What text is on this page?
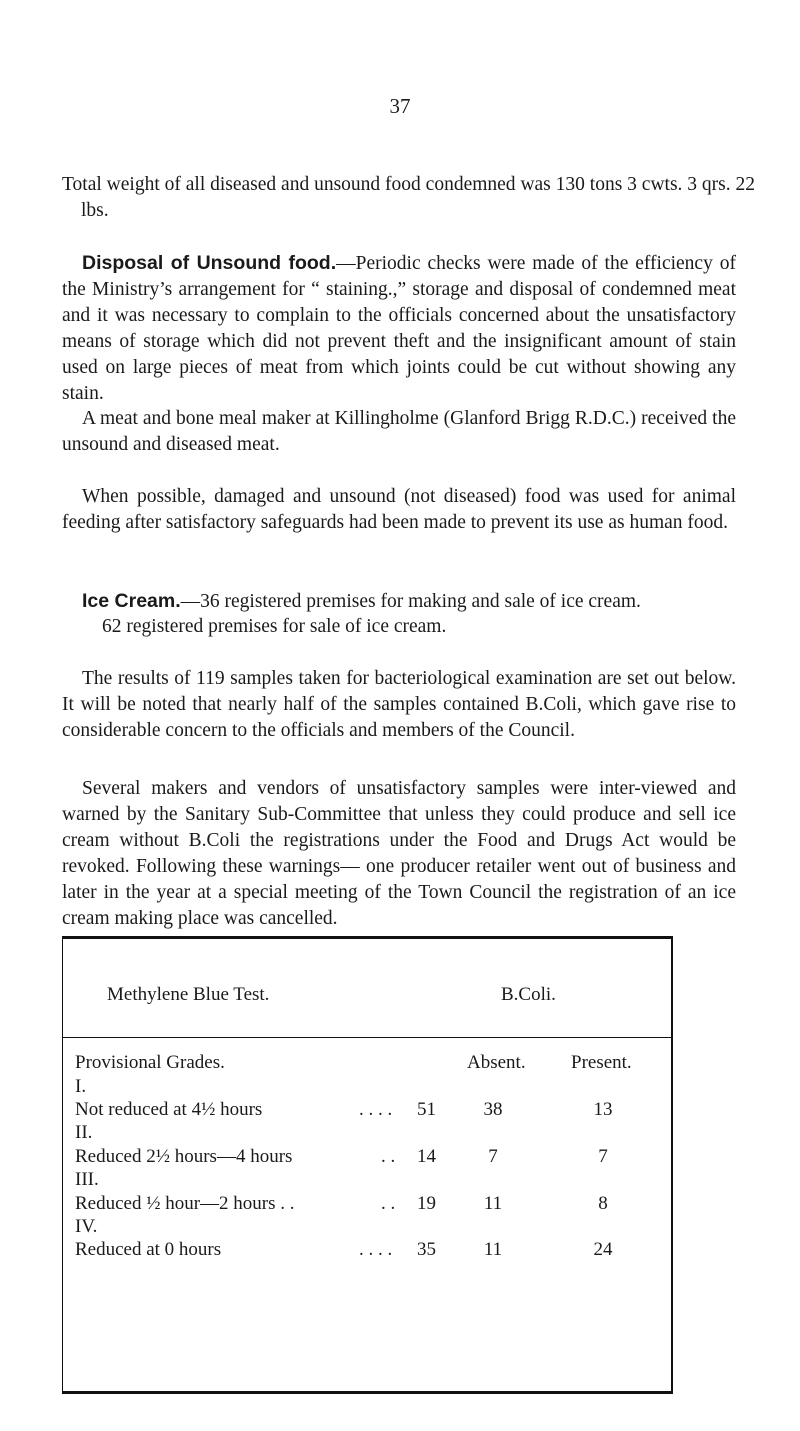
37

Total weight of all diseased and unsound food condemned was 130 tons 3 cwts. 3 qrs. 22 lbs.

Disposal of Unsound food.—Periodic checks were made of the efficiency of the Ministry’s arrangement for “ staining.,” storage and disposal of condemned meat and it was necessary to complain to the officials concerned about the unsatisfactory means of storage which did not prevent theft and the insignificant amount of stain used on large pieces of meat from which joints could be cut without showing any stain.

A meat and bone meal maker at Killingholme (Glanford Brigg R.D.C.) received the unsound and diseased meat.

When possible, damaged and unsound (not diseased) food was used for animal feeding after satisfactory safeguards had been made to prevent its use as human food.

Ice Cream.—36 registered premises for making and sale of ice cream.

62 registered premises for sale of ice cream.

The results of 119 samples taken for bacteriological examination are set out below. It will be noted that nearly half of the samples contained B.Coli, which gave rise to considerable concern to the officials and members of the Council.

Several makers and vendors of unsatisfactory samples were inter-viewed and warned by the Sanitary Sub-Committee that unless they could produce and sell ice cream without B.Coli the registrations under the Food and Drugs Act would be revoked. Following these warnings— one producer retailer went out of business and later in the year at a special meeting of the Town Council the registration of an ice cream making place was cancelled.

Methylene Blue Test.	B.Coli.
Provisional Grades.	Absent. Present.
I.
Not reduced at 4½ hours	. . . . 51	38	13
II.
Reduced 2½ hours—4 hours	. . 14	7	7
III.
Reduced ½ hour—2 hours . .	. . 19	11	8
IV.
Reduced at 0 hours	. . . . 35	11	24
